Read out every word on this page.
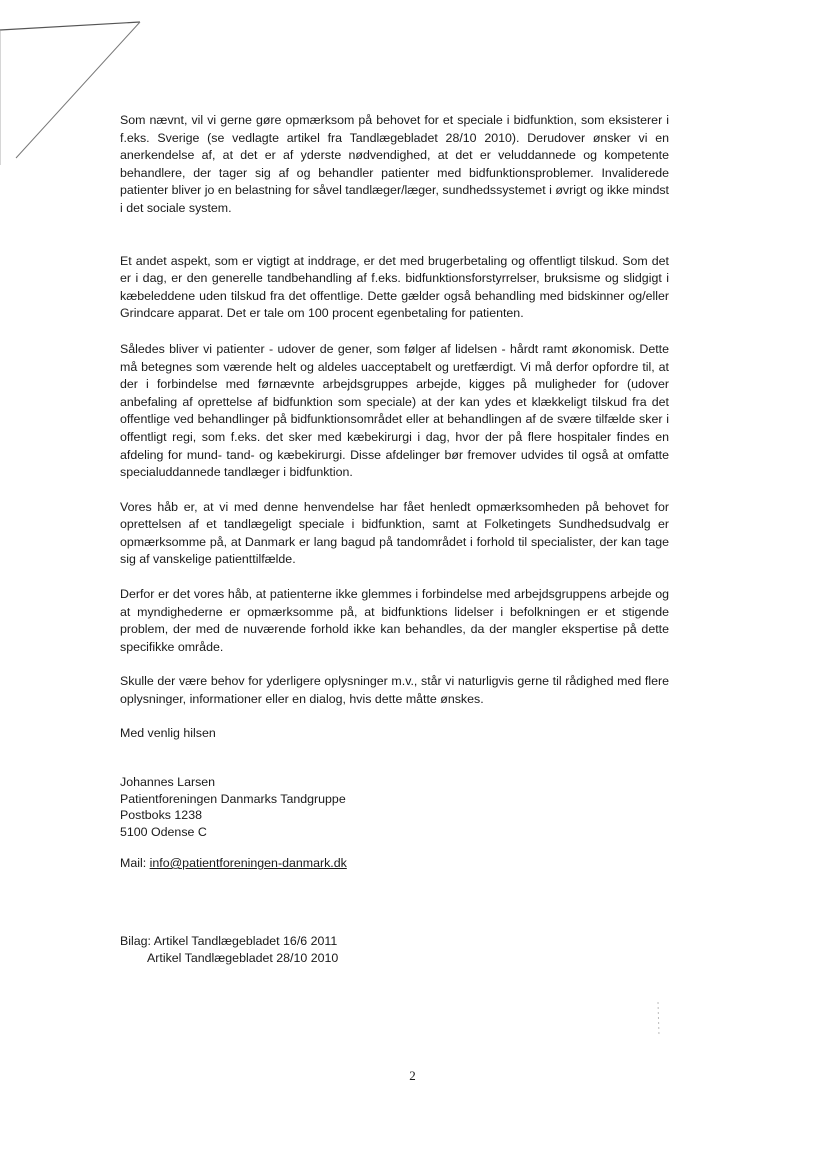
Som nævnt, vil vi gerne gøre opmærksom på behovet for et speciale i bidfunktion, som eksisterer i f.eks. Sverige (se vedlagte artikel fra Tandlægebladet 28/10 2010). Derudover ønsker vi en anerkendelse af, at det er af yderste nødvendighed, at det er veluddannede og kompetente behandlere, der tager sig af og behandler patienter med bidfunktionsproblemer. Invaliderede patienter bliver jo en belastning for såvel tandlæger/læger, sundhedssystemet i øvrigt og ikke mindst i det sociale system.

Et andet aspekt, som er vigtigt at inddrage, er det med brugerbetaling og offentligt tilskud. Som det er i dag, er den generelle tandbehandling af f.eks. bidfunktionsforstyrrelser, bruksisme og slidgigt i kæbeleddene uden tilskud fra det offentlige. Dette gælder også behandling med bidskinner og/eller Grindcare apparat. Det er tale om 100 procent egenbetaling for patienten.

Således bliver vi patienter - udover de gener, som følger af lidelsen - hårdt ramt økonomisk. Dette må betegnes som værende helt og aldeles uacceptabelt og uretfærdigt. Vi må derfor opfordre til, at der i forbindelse med førnævnte arbejdsgruppes arbejde, kigges på muligheder for (udover anbefaling af oprettelse af bidfunktion som speciale) at der kan ydes et klækkeligt tilskud fra det offentlige ved behandlinger på bidfunktionsområdet eller at behandlingen af de svære tilfælde sker i offentligt regi, som f.eks. det sker med kæbekirurgi i dag, hvor der på flere hospitaler findes en afdeling for mund- tand- og kæbekirurgi. Disse afdelinger bør fremover udvides til også at omfatte specialuddannede tandlæger i bidfunktion.

Vores håb er, at vi med denne henvendelse har fået henledt opmærksomheden på behovet for oprettelsen af et tandlægeligt speciale i bidfunktion, samt at Folketingets Sundhedsudvalg er opmærksomme på, at Danmark er lang bagud på tandområdet i forhold til specialister, der kan tage sig af vanskelige patienttilfælde.

Derfor er det vores håb, at patienterne ikke glemmes i forbindelse med arbejdsgruppens arbejde og at myndighederne er opmærksomme på, at bidfunktions lidelser i befolkningen er et stigende problem, der med de nuværende forhold ikke kan behandles, da der mangler ekspertise på dette specifikke område.

Skulle der være behov for yderligere oplysninger m.v., står vi naturligvis gerne til rådighed med flere oplysninger, informationer eller en dialog, hvis dette måtte ønskes.

Med venlig hilsen
Johannes Larsen
Patientforeningen Danmarks Tandgruppe
Postboks 1238
5100 Odense C
Mail: info@patientforeningen-danmark.dk
Bilag: Artikel Tandlægebladet 16/6 2011
Artikel Tandlægebladet 28/10 2010
2
